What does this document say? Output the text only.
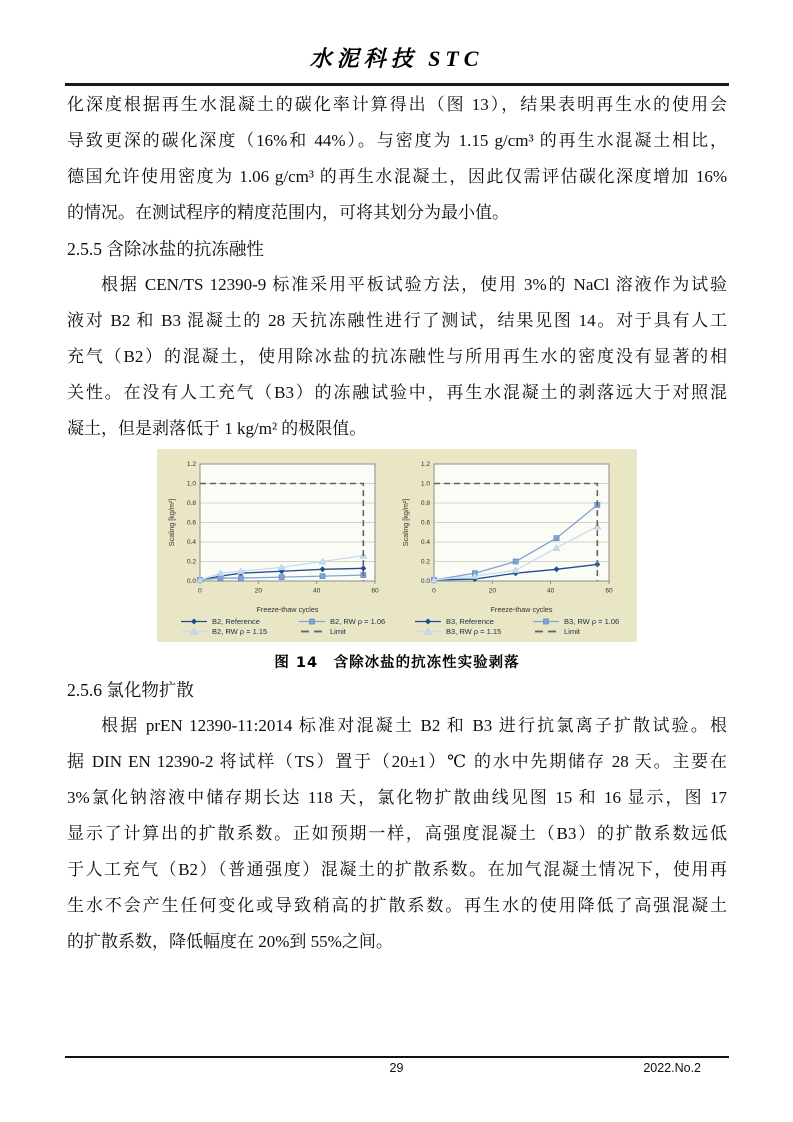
水泥科技 STC
化深度根据再生水混凝土的碳化率计算得出（图 13），结果表明再生水的使用会
导致更深的碳化深度（16%和 44%）。与密度为 1.15 g/cm³ 的再生水混凝土相比，
德国允许使用密度为 1.06 g/cm³ 的再生水混凝土，因此仅需评估碳化深度增加 16%
的情况。在测试程序的精度范围内，可将其划分为最小值。
2.5.5 含除冰盐的抗冻融性
根据 CEN/TS 12390-9 标准采用平板试验方法，使用 3%的 NaCl 溶液作为试验
液对 B2 和 B3 混凝土的 28 天抗冻融性进行了测试，结果见图 14。对于具有人工
充气（B2）的混凝土，使用除冰盐的抗冻融性与所用再生水的密度没有显著的相
关性。在没有人工充气（B3）的冻融试验中，再生水混凝土的剥落远大于对照混
凝土，但是剥落低于 1 kg/m² 的极限值。
0.0
0.2
0.4
0.6
0.8
1.0
1.2
0	20	40	60
Freeze-thaw cycles
Scaling [kg/m²]
B2, Reference	B2, RW ρ = 1.06
B2, RW ρ = 1.15	Limit
0.0
0.2
0.4
0.6
0.8
1.0
1.2
0	20	40	60
Freeze-thaw cycles
Scaling [kg/m²]
B3, Reference	B3, RW ρ = 1.06
B3, RW ρ = 1.15	Limit
图 14　含除冰盐的抗冻性实验剥落
2.5.6 氯化物扩散
根据 prEN 12390-11:2014 标准对混凝土 B2 和 B3 进行抗氯离子扩散试验。根
据 DIN EN 12390-2 将试样（TS）置于（20±1）℃ 的水中先期储存 28 天。主要在
3%氯化钠溶液中储存期长达 118 天，氯化物扩散曲线见图 15 和 16 显示，图 17
显示了计算出的扩散系数。正如预期一样，高强度混凝土（B3）的扩散系数远低
于人工充气（B2）（普通强度）混凝土的扩散系数。在加气混凝土情况下，使用再
生水不会产生任何变化或导致稍高的扩散系数。再生水的使用降低了高强混凝土
的扩散系数，降低幅度在 20%到 55%之间。
29	2022.No.2
